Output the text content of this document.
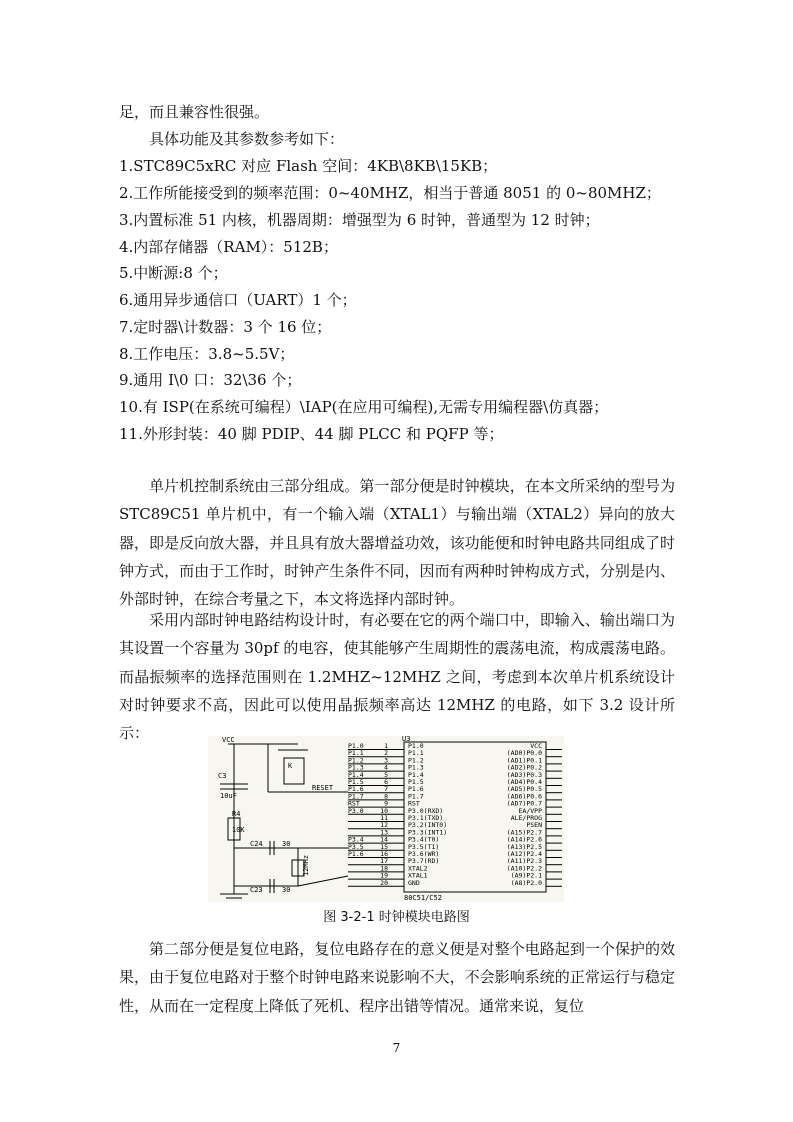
足，而且兼容性很强。
具体功能及其参数参考如下：
1.STC89C5xRC 对应 Flash 空间：4KB\8KB\15KB；
2.工作所能接受到的频率范围：0~40MHZ，相当于普通 8051 的 0~80MHZ；
3.内置标准 51 内核，机器周期：增强型为 6 时钟，普通型为 12 时钟；
4.内部存储器（RAM）：512B；
5.中断源:8 个；
6.通用异步通信口（UART）1 个；
7.定时器\计数器：3 个 16 位；
8.工作电压：3.8~5.5V；
9.通用 I\0 口：32\36 个；
10.有 ISP(在系统可编程）\IAP(在应用可编程),无需专用编程器\仿真器；
11.外形封装：40 脚 PDIP、44 脚 PLCC 和 PQFP 等；
单片机控制系统由三部分组成。第一部分便是时钟模块，在本文所采纳的型号为 STC89C51 单片机中，有一个输入端（XTAL1）与输出端（XTAL2）异向的放大器，即是反向放大器，并且具有放大器增益功效，该功能便和时钟电路共同组成了时钟方式，而由于工作时，时钟产生条件不同，因而有两种时钟构成方式，分别是内、外部时钟，在综合考量之下，本文将选择内部时钟。
采用内部时钟电路结构设计时，有必要在它的两个端口中，即输入、输出端口为其设置一个容量为 30pf 的电容，使其能够产生周期性的震荡电流，构成震荡电路。而晶振频率的选择范围则在 1.2MHZ~12MHZ 之间，考虑到本次单片机系统设计对时钟要求不高，因此可以使用晶振频率高达 12MHZ 的电路，如下 3.2 设计所示：	VCC	U3
C3
10uF
R4
10K
K
RESET
C24	30
C23	30
12MHz
80C51/C52
P1.0	1	P1.0	VCC
P1.1	2	P1.1	(AD0)P0.0
P1.2	3	P1.2	(AD1)P0.1
P1.3	4	P1.3	(AD2)P0.2
P1.4	5	P1.4	(AD3)P0.3
P1.5	6	P1.5	(AD4)P0.4
P1.6	7	P1.6	(AD5)P0.5
P1.7	8	P1.7	(AD6)P0.6
RST	9	RST	(AD7)P0.7
P3.0	10	P3.0(RXD)	EA/VPP
11	P3.1(TXD)	ALE/PROG
12	P3.2(INT0)	PSEN
13	P3.3(INT1)	(A15)P2.7
P3.4	14	P3.4(T0)	(A14)P2.6
P3.5	15	P3.5(T1)	(A13)P2.5
P1.6	16	P3.6(WR)	(A12)P2.4
17	P3.7(RD)	(A11)P2.3
18	XTAL2	(A10)P2.2
19	XTAL1	(A9)P2.1
20	GND	(A8)P2.0
图 3-2-1 时钟模块电路图
第二部分便是复位电路，复位电路存在的意义便是对整个电路起到一个保护的效果，由于复位电路对于整个时钟电路来说影响不大，不会影响系统的正常运行与稳定性，从而在一定程度上降低了死机、程序出错等情况。通常来说，复位
7
